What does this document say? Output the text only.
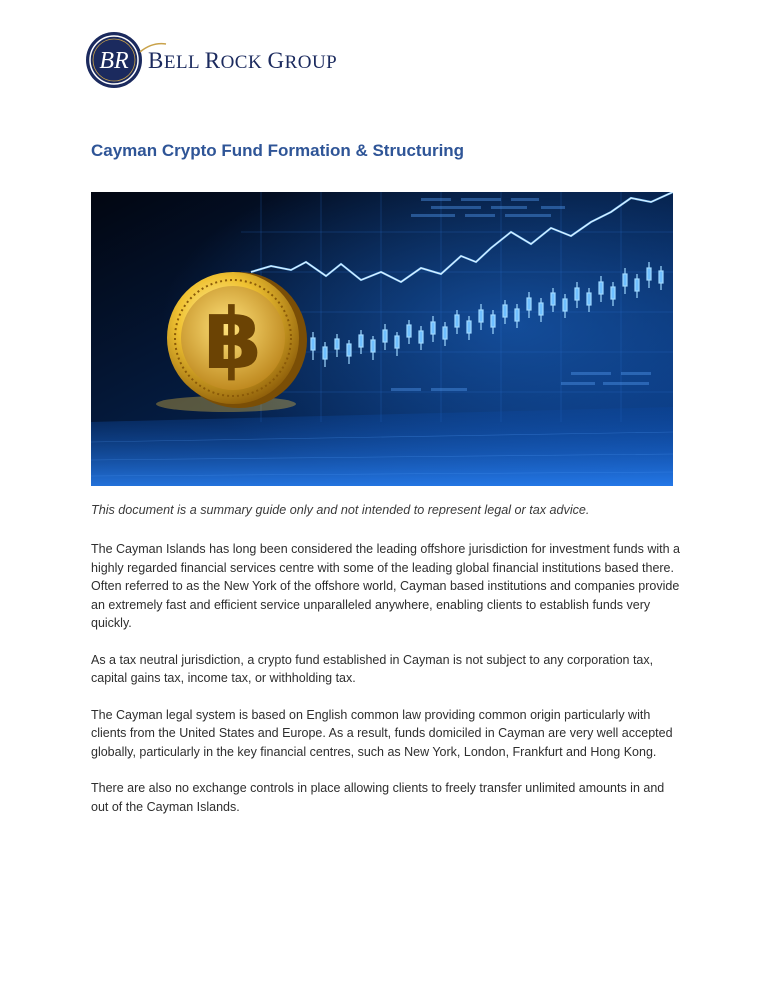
BR BELL ROCK GROUP
Cayman Crypto Fund Formation & Structuring
฿

This document is a summary guide only and not intended to represent legal or tax advice.

The Cayman Islands has long been considered the leading offshore jurisdiction for investment funds with a highly regarded financial services centre with some of the leading global financial institutions based there. Often referred to as the New York of the offshore world, Cayman based institutions and companies provide an extremely fast and efficient service unparalleled anywhere, enabling clients to establish funds very quickly.

As a tax neutral jurisdiction, a crypto fund established in Cayman is not subject to any corporation tax, capital gains tax, income tax, or withholding tax.

The Cayman legal system is based on English common law providing common origin particularly with clients from the United States and Europe. As a result, funds domiciled in Cayman are very well accepted globally, particularly in the key financial centres, such as New York, London, Frankfurt and Hong Kong.

There are also no exchange controls in place allowing clients to freely transfer unlimited amounts in and out of the Cayman Islands.
